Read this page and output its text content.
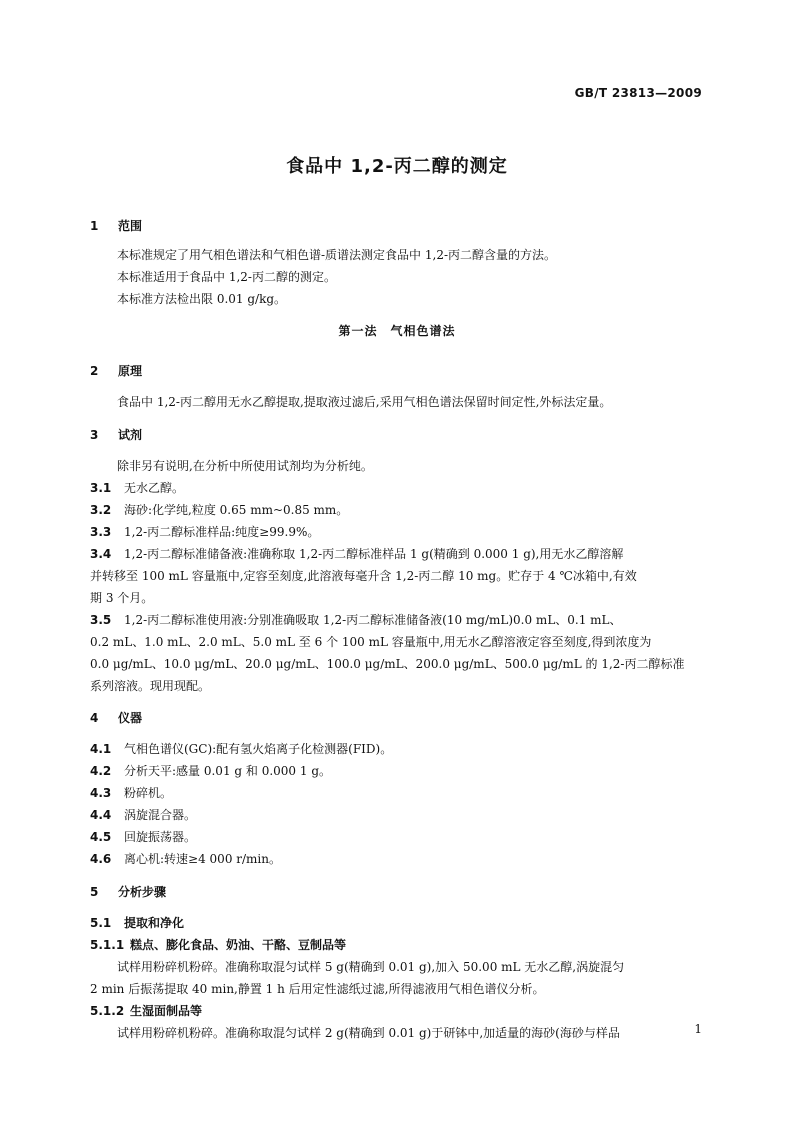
GB/T 23813—2009
食品中 1,2-丙二醇的测定
1 范围
本标准规定了用气相色谱法和气相色谱-质谱法测定食品中 1,2-丙二醇含量的方法。
本标准适用于食品中 1,2-丙二醇的测定。
本标准方法检出限 0.01 g/kg。
第一法　气相色谱法
2 原理
食品中 1,2-丙二醇用无水乙醇提取,提取液过滤后,采用气相色谱法保留时间定性,外标法定量。
3 试剂
除非另有说明,在分析中所使用试剂均为分析纯。
3.1 无水乙醇。
3.2 海砂:化学纯,粒度 0.65 mm~0.85 mm。
3.3 1,2-丙二醇标准样品:纯度≥99.9%。
3.4 1,2-丙二醇标准储备液:准确称取 1,2-丙二醇标准样品 1 g(精确到 0.000 1 g),用无水乙醇溶解
并转移至 100 mL 容量瓶中,定容至刻度,此溶液每毫升含 1,2-丙二醇 10 mg。贮存于 4 ℃冰箱中,有效
期 3 个月。
3.5 1,2-丙二醇标准使用液:分别准确吸取 1,2-丙二醇标准储备液(10 mg/mL)0.0 mL、0.1 mL、
0.2 mL、1.0 mL、2.0 mL、5.0 mL 至 6 个 100 mL 容量瓶中,用无水乙醇溶液定容至刻度,得到浓度为
0.0 μg/mL、10.0 μg/mL、20.0 μg/mL、100.0 μg/mL、200.0 μg/mL、500.0 μg/mL 的 1,2-丙二醇标准
系列溶液。现用现配。
4 仪器
4.1 气相色谱仪(GC):配有氢火焰离子化检测器(FID)。
4.2 分析天平:感量 0.01 g 和 0.000 1 g。
4.3 粉碎机。
4.4 涡旋混合器。
4.5 回旋振荡器。
4.6 离心机:转速≥4 000 r/min。
5 分析步骤
5.1 提取和净化
5.1.1 糕点、膨化食品、奶油、干酪、豆制品等
试样用粉碎机粉碎。准确称取混匀试样 5 g(精确到 0.01 g),加入 50.00 mL 无水乙醇,涡旋混匀
2 min 后振荡提取 40 min,静置 1 h 后用定性滤纸过滤,所得滤液用气相色谱仪分析。
5.1.2 生湿面制品等
试样用粉碎机粉碎。准确称取混匀试样 2 g(精确到 0.01 g)于研钵中,加适量的海砂(海砂与样品	1
